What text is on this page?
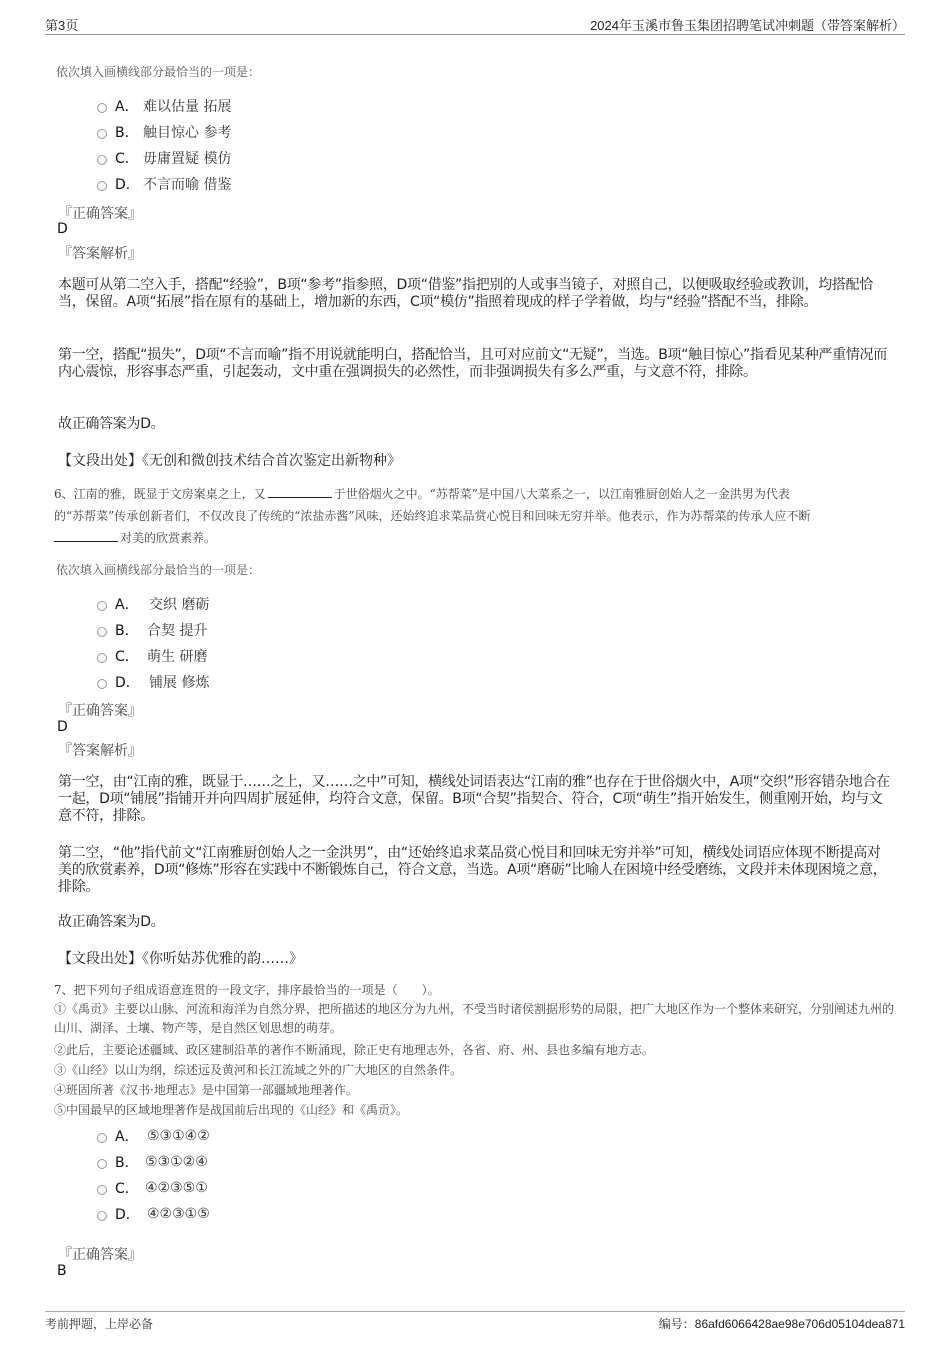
第3页	2024年玉溪市鲁玉集团招聘笔试冲刺题（带答案解析）
依次填入画横线部分最恰当的一项是：
A． 难以估量 拓展
B． 触目惊心 参考
C． 毋庸置疑 模仿
D． 不言而喻 借鉴
『正确答案』
D
『答案解析』
本题可从第二空入手，搭配“经验”，B项“参考”指参照，D项“借鉴”指把别的人或事当镜子，对照自己，以便吸取经验或教训，均搭配恰当，保留。A项“拓展”指在原有的基础上，增加新的东西，C项“模仿”指照着现成的样子学着做，均与“经验”搭配不当，排除。
第一空，搭配“损失”，D项“不言而喻”指不用说就能明白，搭配恰当，且可对应前文“无疑”，当选。B项“触目惊心”指看见某种严重情况而内心震惊，形容事态严重，引起轰动，文中重在强调损失的必然性，而非强调损失有多么严重，与文意不符，排除。
故正确答案为D。
【文段出处】《无创和微创技术结合首次鉴定出新物种》
6、江南的雅，既显于文房案桌之上，又	于世俗烟火之中。“苏帮菜”是中国八大菜系之一，以江南雅厨创始人之一金洪男为代表
的“苏帮菜”传承创新者们，不仅改良了传统的“浓盐赤酱”风味，还始终追求菜品赏心悦目和回味无穷并举。他表示，作为苏帮菜的传承人应不断
对美的欣赏素养。
依次填入画横线部分最恰当的一项是：
A． 交织 磨砺
B． 合契 提升
C． 萌生 研磨
D． 铺展 修炼
『正确答案』
D
『答案解析』
第一空，由“江南的雅，既显于……之上，又……之中”可知，横线处词语表达“江南的雅”也存在于世俗烟火中，A项“交织”形容错杂地合在一起，D项“铺展”指铺开并向四周扩展延伸，均符合文意，保留。B项“合契”指契合、符合，C项“萌生”指开始发生，侧重刚开始，均与文意不符，排除。
第二空，“他”指代前文“江南雅厨创始人之一金洪男”，由“还始终追求菜品赏心悦目和回味无穷并举”可知，横线处词语应体现不断提高对美的欣赏素养，D项“修炼”形容在实践中不断锻炼自己，符合文意，当选。A项“磨砺”比喻人在困境中经受磨练，文段并未体现困境之意，排除。
故正确答案为D。
【文段出处】《你听姑苏优雅的韵……》
7、把下列句子组成语意连贯的一段文字，排序最恰当的一项是（　　）。
①《禹贡》主要以山脉、河流和海洋为自然分界，把所描述的地区分为九州，不受当时诸侯割据形势的局限，把广大地区作为一个整体来研究，分别阐述九州的山川、湖泽、土壤、物产等，是自然区划思想的萌芽。
②此后，主要论述疆域、政区建制沿革的著作不断涌现，除正史有地理志外，各省、府、州、县也多编有地方志。
③《山经》以山为纲，综述远及黄河和长江流域之外的广大地区的自然条件。
④班固所著《汉书·地理志》是中国第一部疆域地理著作。
⑤中国最早的区域地理著作是战国前后出现的《山经》和《禹贡》。
A． ⑤③①④②
B． ⑤③①②④
C． ④②③⑤①
D． ④②③①⑤
『正确答案』
B
考前押题，上岸必备	编号：86afd6066428ae98e706d05104dea871
